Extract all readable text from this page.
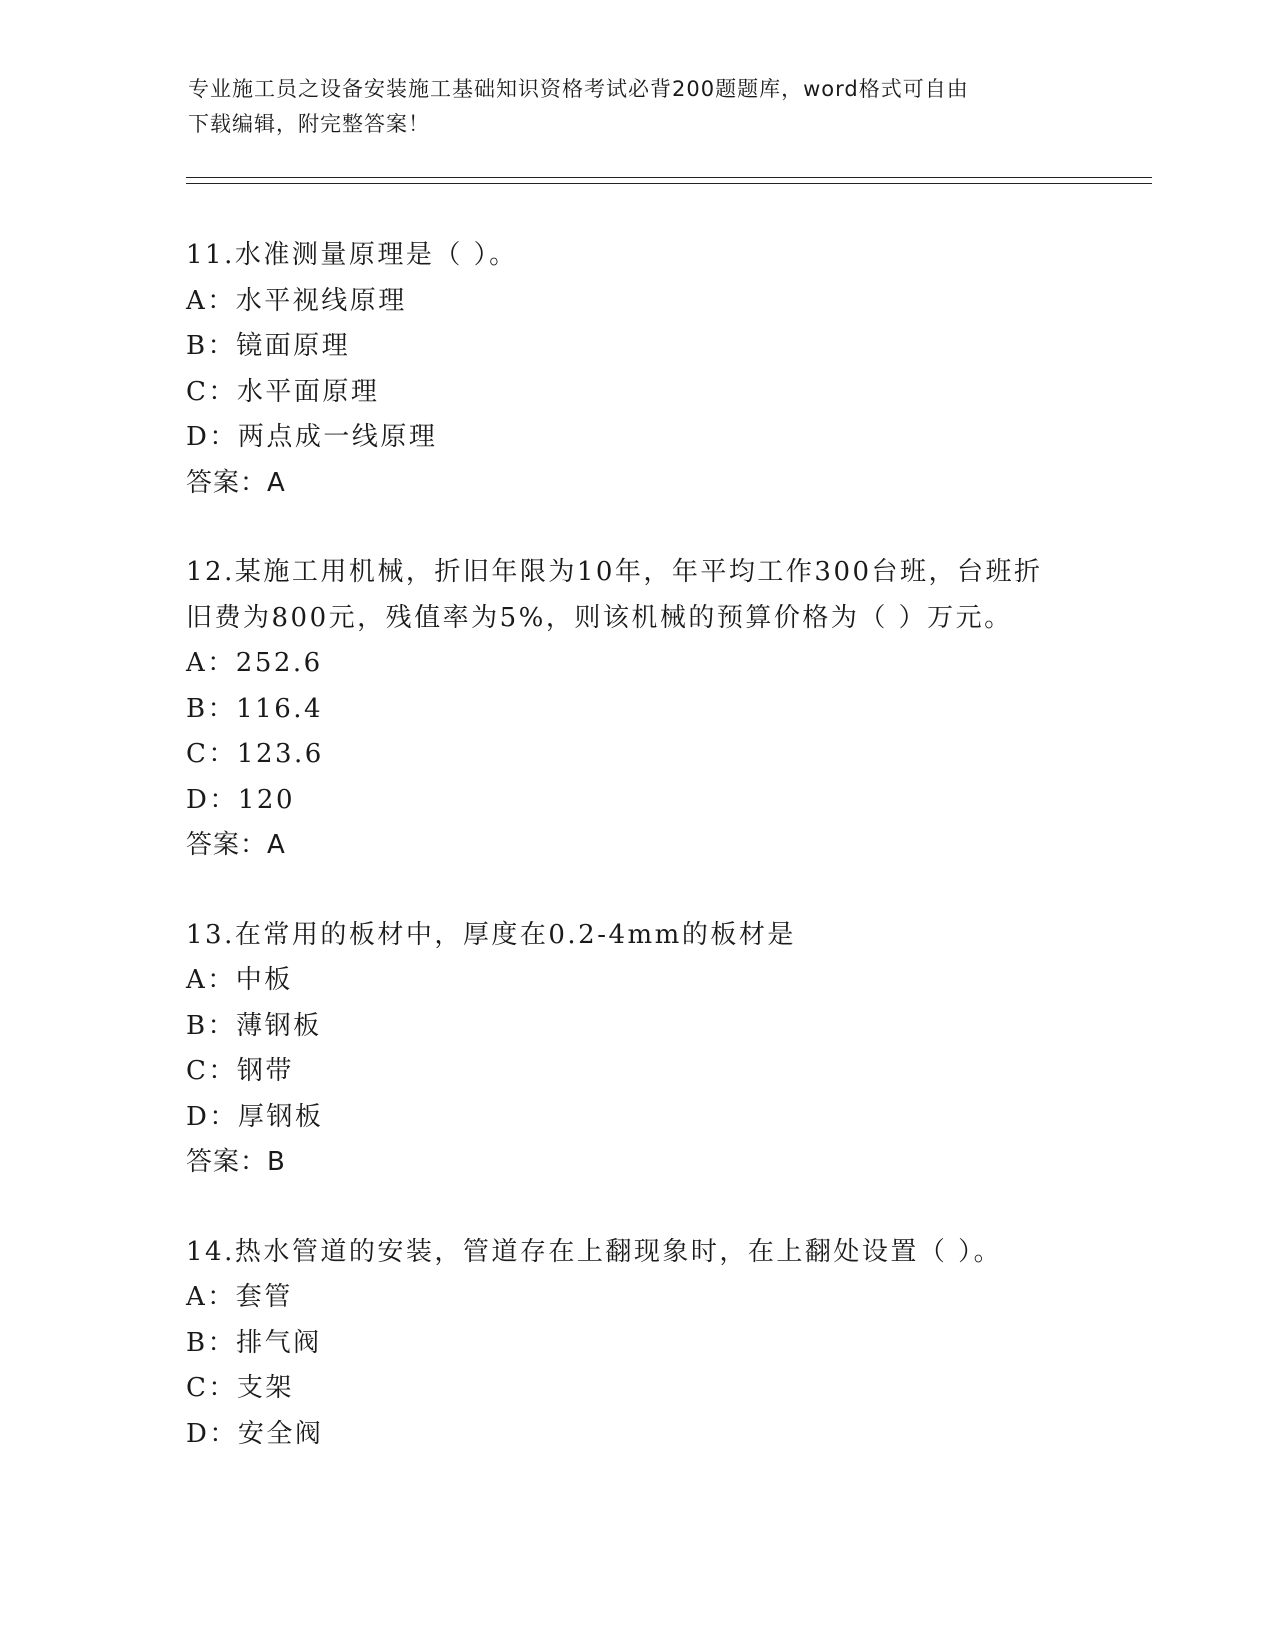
专业施工员之设备安装施工基础知识资格考试必背200题题库，word格式可自由
下载编辑，附完整答案！
11.水准测量原理是（ ）。
A：水平视线原理
B：镜面原理
C：水平面原理
D：两点成一线原理
答案：A
12.某施工用机械，折旧年限为10年，年平均工作300台班，台班折
旧费为800元，残值率为5%，则该机械的预算价格为（ ）万元。
A：252.6
B：116.4
C：123.6
D：120
答案：A
13.在常用的板材中，厚度在0.2-4mm的板材是
A：中板
B：薄钢板
C：钢带
D：厚钢板
答案：B
14.热水管道的安装，管道存在上翻现象时，在上翻处设置（ ）。
A：套管
B：排气阀
C：支架
D：安全阀
